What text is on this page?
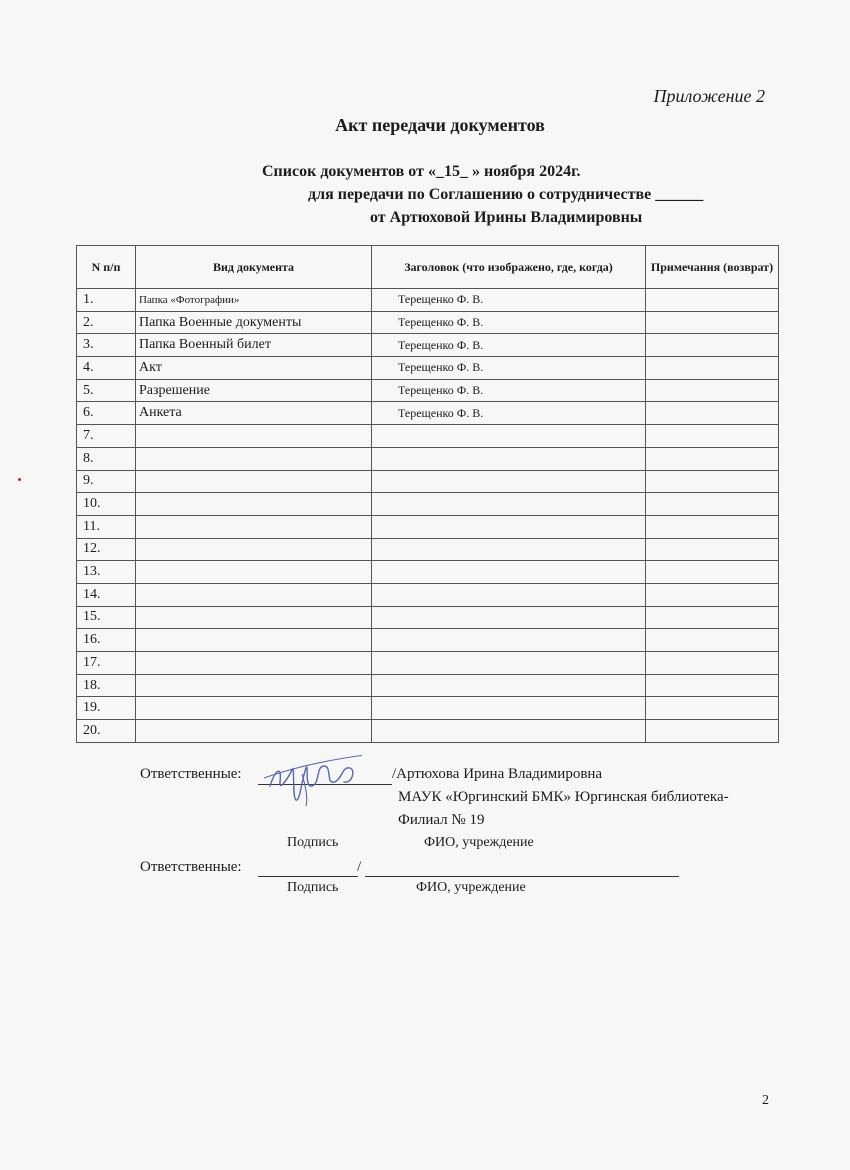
Приложение 2
Акт передачи документов
Список документов от «_15_ » ноября 2024г.
для передачи по Соглашению о сотрудничестве ______
от Артюховой Ирины Владимировны
N п/п	Вид документа	Заголовок (что изображено, где, когда)	Примечания (возврат)
1.	Папка «Фотографии»	Терещенко Ф. В.	
2.	Папка Военные документы	Терещенко Ф. В.	
3.	Папка Военный билет	Терещенко Ф. В.	
4.	Акт	Терещенко Ф. В.	
5.	Разрешение	Терещенко Ф. В.	
6.	Анкета	Терещенко Ф. В.	
7.			
8.			
9.			
10.			
11.			
12.			
13.			
14.			
15.			
16.			
17.			
18.			
19.			
20.			
Ответственные:	/Артюхова Ирина Владимировна
МАУК «Юргинский БМК» Юргинская библиотека-
Филиал № 19
Подпись	ФИО, учреждение
Ответственные:	/
Подпись	ФИО, учреждение
2
